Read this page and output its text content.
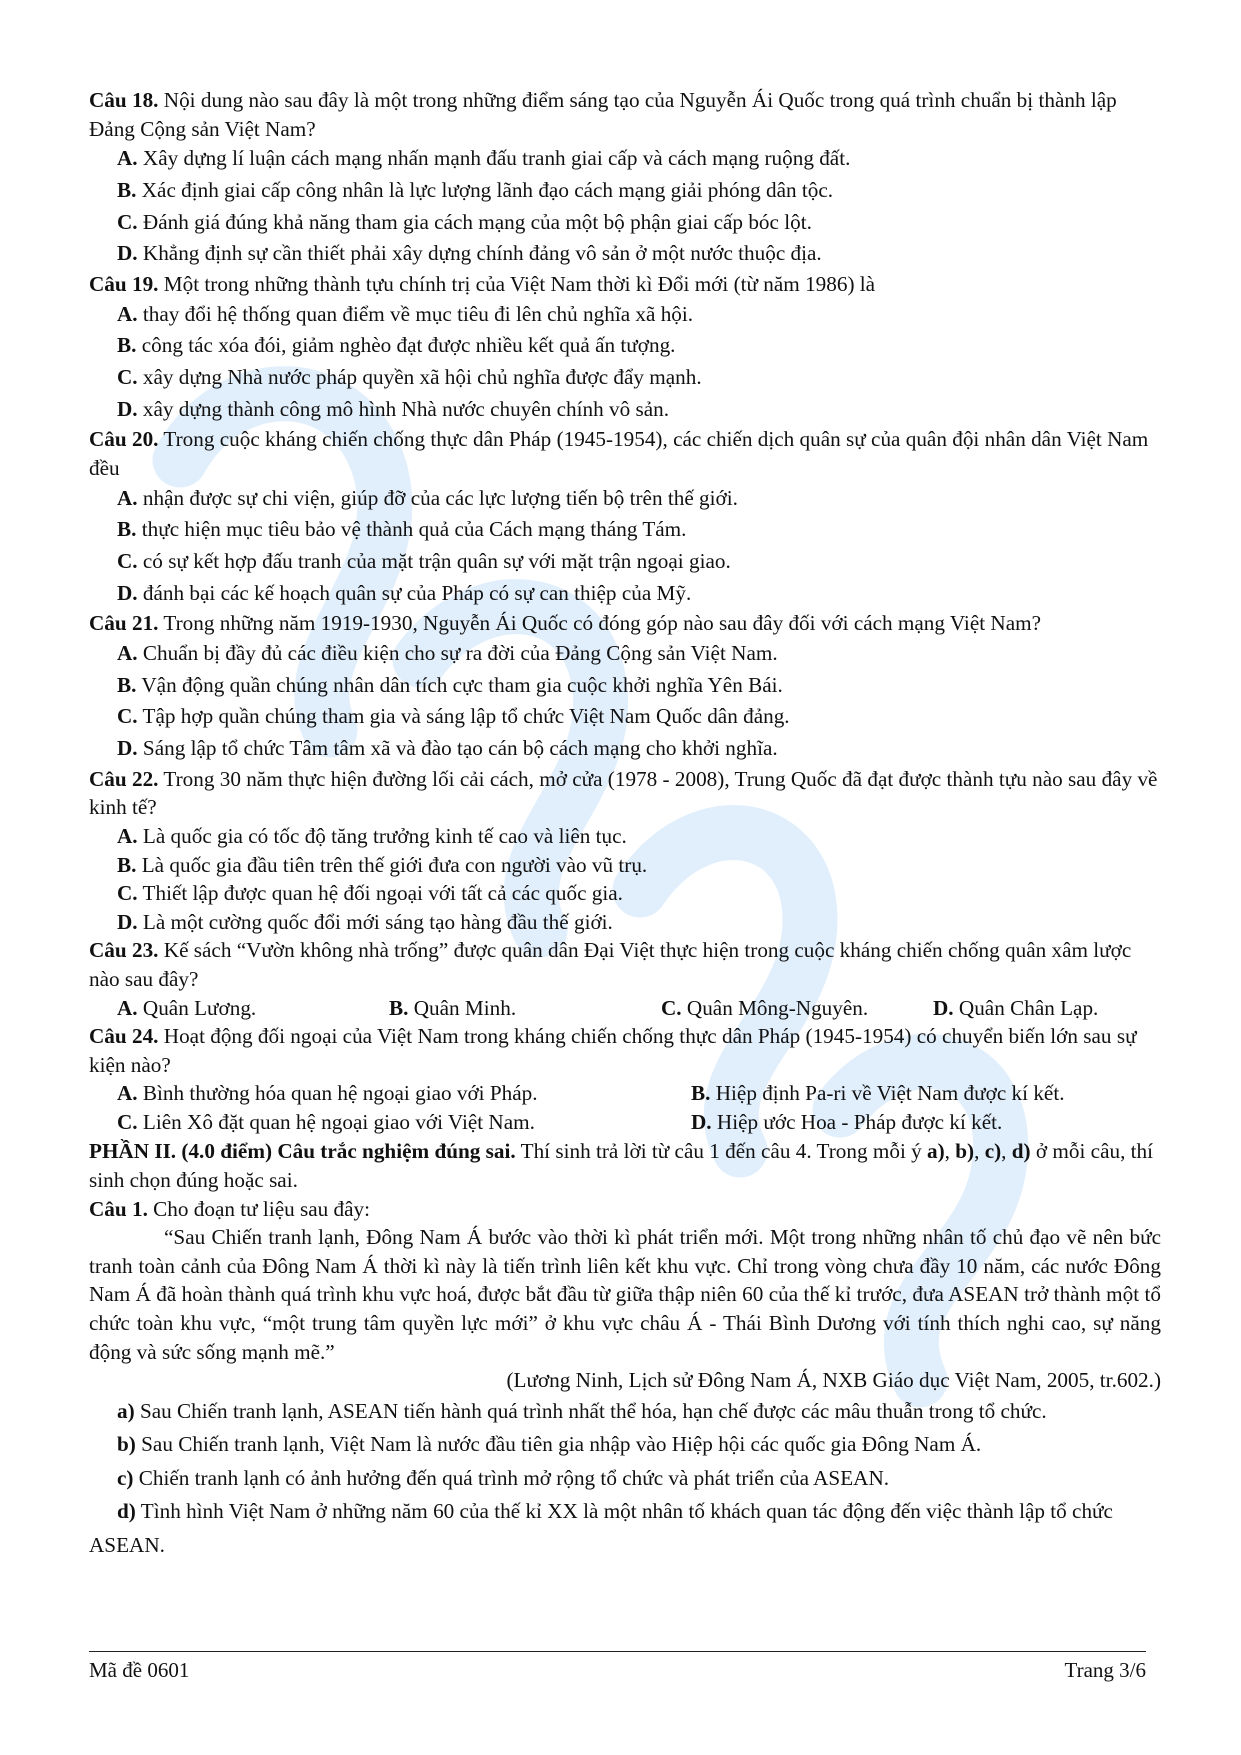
Câu 18. Nội dung nào sau đây là một trong những điểm sáng tạo của Nguyễn Ái Quốc trong quá trình chuẩn bị thành lập Đảng Cộng sản Việt Nam?

A. Xây dựng lí luận cách mạng nhấn mạnh đấu tranh giai cấp và cách mạng ruộng đất.

B. Xác định giai cấp công nhân là lực lượng lãnh đạo cách mạng giải phóng dân tộc.

C. Đánh giá đúng khả năng tham gia cách mạng của một bộ phận giai cấp bóc lột.

D. Khẳng định sự cần thiết phải xây dựng chính đảng vô sản ở một nước thuộc địa.

Câu 19. Một trong những thành tựu chính trị của Việt Nam thời kì Đổi mới (từ năm 1986) là

A. thay đổi hệ thống quan điểm về mục tiêu đi lên chủ nghĩa xã hội.

B. công tác xóa đói, giảm nghèo đạt được nhiều kết quả ấn tượng.

C. xây dựng Nhà nước pháp quyền xã hội chủ nghĩa được đẩy mạnh.

D. xây dựng thành công mô hình Nhà nước chuyên chính vô sản.

Câu 20. Trong cuộc kháng chiến chống thực dân Pháp (1945-1954), các chiến dịch quân sự của quân đội nhân dân Việt Nam đều

A. nhận được sự chi viện, giúp đỡ của các lực lượng tiến bộ trên thế giới.

B. thực hiện mục tiêu bảo vệ thành quả của Cách mạng tháng Tám.

C. có sự kết hợp đấu tranh của mặt trận quân sự với mặt trận ngoại giao.

D. đánh bại các kế hoạch quân sự của Pháp có sự can thiệp của Mỹ.

Câu 21. Trong những năm 1919-1930, Nguyễn Ái Quốc có đóng góp nào sau đây đối với cách mạng Việt Nam?

A. Chuẩn bị đầy đủ các điều kiện cho sự ra đời của Đảng Cộng sản Việt Nam.

B. Vận động quần chúng nhân dân tích cực tham gia cuộc khởi nghĩa Yên Bái.

C. Tập hợp quần chúng tham gia và sáng lập tổ chức Việt Nam Quốc dân đảng.

D. Sáng lập tổ chức Tâm tâm xã và đào tạo cán bộ cách mạng cho khởi nghĩa.

Câu 22. Trong 30 năm thực hiện đường lối cải cách, mở cửa (1978 - 2008), Trung Quốc đã đạt được thành tựu nào sau đây về kinh tế?

A. Là quốc gia có tốc độ tăng trưởng kinh tế cao và liên tục.

B. Là quốc gia đầu tiên trên thế giới đưa con người vào vũ trụ.

C. Thiết lập được quan hệ đối ngoại với tất cả các quốc gia.

D. Là một cường quốc đổi mới sáng tạo hàng đầu thế giới.

Câu 23. Kế sách “Vườn không nhà trống” được quân dân Đại Việt thực hiện trong cuộc kháng chiến chống quân xâm lược nào sau đây?

A. Quân Lương.	B. Quân Minh.	C. Quân Mông-Nguyên.	D. Quân Chân Lạp.

Câu 24. Hoạt động đối ngoại của Việt Nam trong kháng chiến chống thực dân Pháp (1945-1954) có chuyển biến lớn sau sự kiện nào?

A. Bình thường hóa quan hệ ngoại giao với Pháp.	B. Hiệp định Pa-ri về Việt Nam được kí kết.
C. Liên Xô đặt quan hệ ngoại giao với Việt Nam.	D. Hiệp ước Hoa - Pháp được kí kết.

PHẦN II. (4.0 điểm) Câu trắc nghiệm đúng sai. Thí sinh trả lời từ câu 1 đến câu 4. Trong mỗi ý a), b), c), d) ở mỗi câu, thí sinh chọn đúng hoặc sai.

Câu 1. Cho đoạn tư liệu sau đây:

“Sau Chiến tranh lạnh, Đông Nam Á bước vào thời kì phát triển mới. Một trong những nhân tố chủ đạo vẽ nên bức tranh toàn cảnh của Đông Nam Á thời kì này là tiến trình liên kết khu vực. Chỉ trong vòng chưa đầy 10 năm, các nước Đông Nam Á đã hoàn thành quá trình khu vực hoá, được bắt đầu từ giữa thập niên 60 của thế kỉ trước, đưa ASEAN trở thành một tổ chức toàn khu vực, “một trung tâm quyền lực mới” ở khu vực châu Á - Thái Bình Dương với tính thích nghi cao, sự năng động và sức sống mạnh mẽ.”

(Lương Ninh, Lịch sử Đông Nam Á, NXB Giáo dục Việt Nam, 2005, tr.602.)

a) Sau Chiến tranh lạnh, ASEAN tiến hành quá trình nhất thể hóa, hạn chế được các mâu thuẫn trong tổ chức.

b) Sau Chiến tranh lạnh, Việt Nam là nước đầu tiên gia nhập vào Hiệp hội các quốc gia Đông Nam Á.

c) Chiến tranh lạnh có ảnh hưởng đến quá trình mở rộng tổ chức và phát triển của ASEAN.

d) Tình hình Việt Nam ở những năm 60 của thế kỉ XX là một nhân tố khách quan tác động đến việc thành lập tổ chức ASEAN.

Mã đề 0601	Trang 3/6
